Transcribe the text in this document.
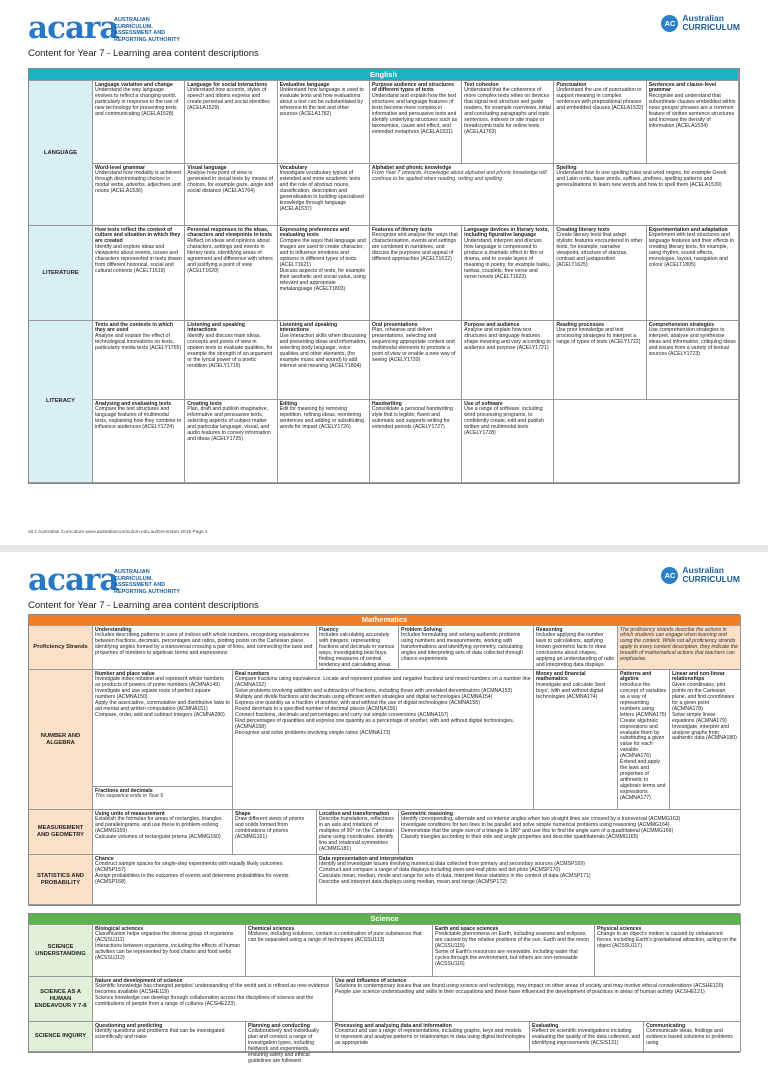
acara
AUSTRALIAN CURRICULUM, ASSESSMENT AND REPORTING AUTHORITY
AC Australian
CURRICULUM
Content for Year 7 - Learning area content descriptions
English
LANGUAGE
LITERATURE
LITERACY
Language variation and change
Understand the way language evolves to reflect a changing world, particularly in response to the use of new technology for presenting texts and communicating (ACELA1528)
Language for social interactions
Understand how accents, styles of speech and idioms express and create personal and social identities (ACELA1529)
Evaluative language
Understand how language is used to evaluate texts and how evaluations about a text can be substantiated by reference to the text and other sources (ACELA1782)
Purpose audience and structures of different types of texts
Understand and explain how the text structures and language features of texts become more complex in informative and persuasive texts and identify underlying structures such as taxonomies, cause and effect, and extended metaphors (ACELA1531)
Text cohesion
Understand that the coherence of more complex texts relies on devices that signal text structure and guide readers, for example overviews, initial and concluding paragraphs and topic sentences, indexes or site maps or breadcrumb trails for online texts (ACELA1763)
Punctuation
Understand the use of punctuation to support meaning in complex sentences with prepositional phrases and embedded clauses (ACELA1532)
Sentences and clause-level grammar
Recognise and understand that subordinate clauses embedded within noun groups/ phrases are a common feature of written sentence structures and increase the density of information (ACELA1534)
Word-level grammar
Understand how modality is achieved through discriminating choices in modal verbs, adverbs, adjectives and nouns (ACELA1536)
Visual language
Analyse how point of view is generated in visual texts by means of choices, for example gaze, angle and social distance (ACELA1764)
Vocabulary
Investigate vocabulary typical of extended and more academic texts and the role of abstract nouns, classification, description and generalisation in building specialised knowledge through language (ACELA1537)
Alphabet and phonic knowledge
From Year 7 onwards, knowledge about alphabet and phonic knowledge will continue to be applied when reading, writing and spelling
Spelling
Understand how to use spelling rules and word origins, for example Greek and Latin roots, base words, suffixes, prefixes, spelling patterns and generalisations to learn new words and how to spell them (ACELA1539)
How texts reflect the context of culture and situation in which they are created
Identify and explore ideas and viewpoints about events, issues and characters represented in texts drawn from different historical, social and cultural contexts (ACELT1619)
Personal responses to the ideas, characters and viewpoints in texts
Reflect on ideas and opinions about characters, settings and events in literary texts, identifying areas of agreement and difference with others and justifying a point of view (ACELT1620)
Expressing preferences and evaluating texts
Compare the ways that language and images are used to create character, and to influence emotions and opinions in different types of texts (ACELT1621)
Discuss aspects of texts, for example their aesthetic and social value, using relevant and appropriate metalanguage (ACELT1803)
Features of literary texts
Recognise and analyse the ways that characterisation, events and settings are combined in narratives, and discuss the purposes and appeal of different approaches (ACELT1622)
Language devices in literary texts, including figurative language
Understand, interpret and discuss how language is compressed to produce a dramatic effect in film or drama, and to create layers of meaning in poetry, for example haiku, tankas, couplets, free verse and verse novels (ACELT1623)
Creating literary texts
Create literary texts that adapt stylistic features encountered in other texts, for example, narrative viewpoint, structure of stanzas, contrast and juxtaposition (ACELT1625)
Experimentation and adaptation
Experiment with text structures and language features and their effects in creating literary texts, for example, using rhythm, sound effects, monologue, layout, navigation and colour (ACELT1805)
Texts and the contexts in which they are used
Analyse and explain the effect of technological innovations on texts, particularly media texts (ACELY1765)
Listening and speaking interactions
Identify and discuss main ideas, concepts and points of view in spoken texts to evaluate qualities, for example the strength of an argument or the lyrical power of a poetic rendition (ACELY1719)
Listening and speaking interactions
Use interaction skills when discussing and presenting ideas and information, selecting body language, voice qualities and other elements, (for example music and sound) to add interest and meaning (ACELY1804)
Oral presentations
Plan, rehearse and deliver presentations, selecting and sequencing appropriate content and multimodal elements to promote a point of view or enable a new way of seeing (ACELY1720)
Purpose and audience
Analyse and explain how text structures and language features shape meaning and vary according to audience and purpose (ACELY1721)
Reading processes
Use prior knowledge and text processing strategies to interpret a range of types of texts (ACELY1722)
Comprehension strategies
Use comprehension strategies to interpret, analyse and synthesise ideas and information, critiquing ideas and issues from a variety of textual sources (ACELY1723)
Analysing and evaluating texts
Compare the text structures and language features of multimodal texts, explaining how they combine to influence audiences (ACELY1724)
Creating texts
Plan, draft and publish imaginative, informative and persuasive texts, selecting aspects of subject matter and particular language, visual, and audio features to convey information and ideas (ACELY1725)
Editing
Edit for meaning by removing repetition, refining ideas, reordering sentences and adding or substituting words for impact (ACELY1726)
Handwriting
Consolidate a personal handwriting style that is legible, fluent and automatic and supports writing for extended periods (ACELY1727)
Use of software
Use a range of software, including word processing programs, to confidently create, edit and publish written and multimodal texts (ACELY1728)
v8.1 Australian Curriculum www.australiancurriculum.edu.au/December 2015 Page 1
acara
AUSTRALIAN CURRICULUM, ASSESSMENT AND REPORTING AUTHORITY
AC Australian
CURRICULUM
Content for Year 7 - Learning area content descriptions
Mathematics
Proficiency Strands
Understanding
Includes describing patterns in uses of indices with whole numbers, recognising equivalences between fractions, decimals, percentages and ratios, plotting points on the Cartesian plane, identifying angles formed by a transversal crossing a pair of lines, and connecting the laws and properties of numbers to algebraic terms and expressions
Fluency
Includes calculating accurately with integers, representing fractions and decimals in various ways, investigating best buys, finding measures of central tendency and calculating areas
Problem Solving
Includes formulating and solving authentic problems using numbers and measurements, working with transformations and identifying symmetry, calculating angles and interpreting sets of data collected through chance experiments
Reasoning
Includes applying the number laws to calculations, applying known geometric facts to draw conclusions about shapes, applying an understanding of ratio and interpreting data displays
The proficiency strands describe the actions in which students can engage when learning and using the content. While not all proficiency strands apply to every content description, they indicate the breadth of mathematical actions that teachers can emphasise.
NUMBER AND ALGEBRA
Number and place value
Investigate index notation and represent whole numbers as products of powers of prime numbers (ACMNA149)
Investigate and use square roots of perfect square numbers (ACMNA150)
Apply the associative, commutative and distributive laws to aid mental and written computation (ACMNA151)
Compare, order, add and subtract integers (ACMNA280)
Fractions and decimals
This sequence ends in Year 6
Real numbers
Compare fractions using equivalence. Locate and represent positive and negative fractions and mixed numbers on a number line (ACMNA152)
Solve problems involving addition and subtraction of fractions, including those with unrelated denominators (ACMNA153)
Multiply and divide fractions and decimals using efficient written strategies and digital technologies (ACMNA154)
Express one quantity as a fraction of another, with and without the use of digital technologies (ACMNA155)
Round decimals to a specified number of decimal places (ACMNA156)
Connect fractions, decimals and percentages and carry out simple conversions (ACMNA157)
Find percentages of quantities and express one quantity as a percentage of another, with and without digital technologies. (ACMNA158)
Recognise and solve problems involving simple ratios (ACMNA173)
Money and financial mathematics
Investigate and calculate 'best buys', with and without digital technologies (ACMNA174)
Patterns and algebra
Introduce the concept of variables as a way of representing numbers using letters (ACMNA175)
Create algebraic expressions and evaluate them by substituting a given value for each variable (ACMNA176)
Extend and apply the laws and properties of arithmetic to algebraic terms and expressions (ACMNA177)
Linear and non-linear relationships
Given coordinates, plot points on the Cartesian plane, and find coordinates for a given point (ACMNA178)
Solve simple linear equations (ACMNA179)
Investigate, interpret and analyse graphs from authentic data (ACMNA180)
MEASUREMENT AND GEOMETRY
Using units of measurement
Establish the formulas for areas of rectangles, triangles and parallelograms, and use these in problem-solving (ACMMG159)
Calculate volumes of rectangular prisms (ACMMG160)
Shape
Draw different views of prisms and solids formed from combinations of prisms (ACMMG161)
Location and transformation
Describe translations, reflections in an axis and rotations of multiples of 90° on the Cartesian plane using coordinates. Identify line and rotational symmetries (ACMMG181)
Geometric reasoning
Identify corresponding, alternate and co-interior angles when two straight lines are crossed by a transversal (ACMMG163)
Investigate conditions for two lines to be parallel and solve simple numerical problems using reasoning (ACMMG164)
Demonstrate that the angle sum of a triangle is 180° and use this to find the angle sum of a quadrilateral (ACMMG166)
Classify triangles according to their side and angle properties and describe quadrilaterals (ACMMG165)
STATISTICS AND PROBABILITY
Chance
Construct sample spaces for single-step experiments with equally likely outcomes (ACMSP167)
Assign probabilities to the outcomes of events and determine probabilities for events (ACMSP168)
Data representation and interpretation
Identify and investigate issues involving numerical data collected from primary and secondary sources (ACMSP169)
Construct and compare a range of data displays including stem-and-leaf plots and dot plots (ACMSP170)
Calculate mean, median, mode and range for sets of data. Interpret these statistics in the context of data (ACMSP171)
Describe and interpret data displays using median, mean and range (ACMSP172)
Science
SCIENCE UNDERSTANDING
Biological sciences
Classification helps organise the diverse group of organisms (ACSSU111)
Interactions between organisms, including the effects of human activities can be represented by food chains and food webs (ACSSU112)
Chemical sciences
Mixtures, including solutions, contain a combination of pure substances that can be separated using a range of techniques (ACSSU113)
Earth and space sciences
Predictable phenomena on Earth, including seasons and eclipses, are caused by the relative positions of the sun, Earth and the moon (ACSSU115)
Some of Earth's resources are renewable, including water that cycles through the environment, but others are non-renewable (ACSSU116)
Physical sciences
Change to an object's motion is caused by unbalanced forces, including Earth's gravitational attraction, acting on the object (ACSSU117)
SCIENCE AS A HUMAN ENDEAVOUR Y 7-8
Nature and development of science
Scientific knowledge has changed peoples' understanding of the world and is refined as new evidence becomes available (ACSHE119)
Science knowledge can develop through collaboration across the disciplines of science and the contributions of people from a range of cultures (ACSHE223)
Use and influence of science
Solutions to contemporary issues that are found using science and technology, may impact on other areas of society and may involve ethical considerations (ACSHE120)
People use science understanding and skills in their occupations and these have influenced the development of practices in areas of human activity (ACSHE121)
SCIENCE INQUIRY
Questioning and predicting
Identify questions and problems that can be investigated scientifically and make
Planning and conducting
Collaboratively and individually plan and conduct a range of investigation types, including fieldwork and experiments, ensuring safety and ethical guidelines are followed
Processing and analysing data and information
Construct and use a range of representations, including graphs, keys and models to represent and analyse patterns or relationships in data using digital technologies as appropriate
Evaluating
Reflect on scientific investigations including evaluating the quality of the data collected, and identifying improvements (ACSIS131)
Communicating
Communicate ideas, findings and evidence based solutions to problems using
